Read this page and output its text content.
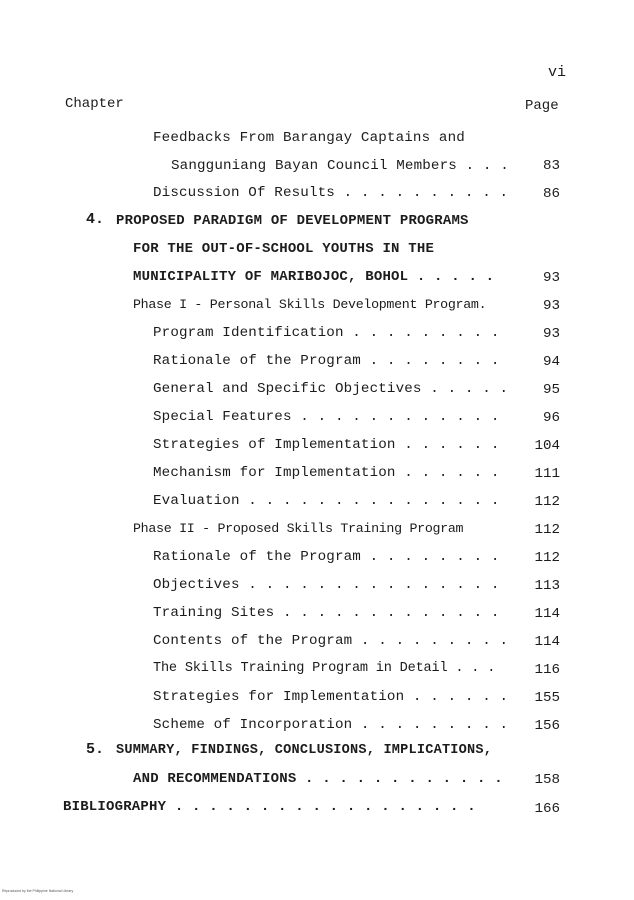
vi
Chapter	Page
Feedbacks From Barangay Captains and
Sangguniang Bayan Council Members . . .	83
Discussion Of Results . . . . . . . . . .	86
4. PROPOSED PARADIGM OF DEVELOPMENT PROGRAMS
FOR THE OUT-OF-SCHOOL YOUTHS IN THE
MUNICIPALITY OF MARIBOJOC, BOHOL . . . . .	93
Phase I - Personal Skills Development Program.	93
Program Identification . . . . . . . . .	93
Rationale of the Program . . . . . . . .	94
General and Specific Objectives . . . . .	95
Special Features . . . . . . . . . . . .	96
Strategies of Implementation . . . . . .	104
Mechanism for Implementation . . . . . .	111
Evaluation . . . . . . . . . . . . . . .	112
Phase II - Proposed Skills Training Program	112
Rationale of the Program . . . . . . . .	112
Objectives . . . . . . . . . . . . . . .	113
Training Sites . . . . . . . . . . . . .	114
Contents of the Program . . . . . . . . .	114
The Skills Training Program in Detail . . .	116
Strategies for Implementation . . . . . .	155
Scheme of Incorporation . . . . . . . . .	156
5. SUMMARY, FINDINGS, CONCLUSIONS, IMPLICATIONS,
AND RECOMMENDATIONS . . . . . . . . . . . .	158
BIBLIOGRAPHY . . . . . . . . . . . . . . . . . .	166
Reproduced by the Philippine National Library
